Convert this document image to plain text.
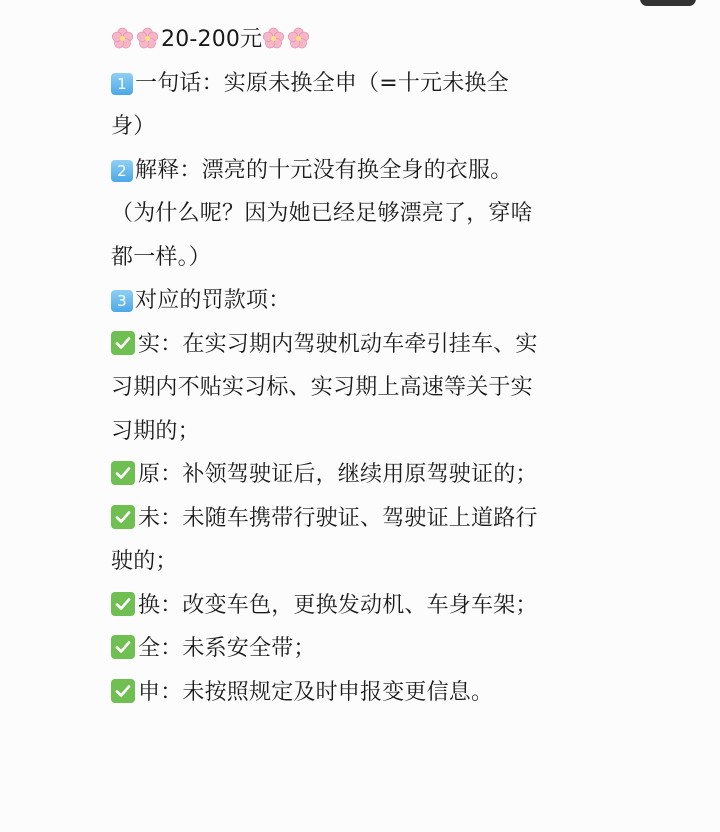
20-200元
1 一句话：实原未换全申（=十元未换全
身）
2 解释：漂亮的十元没有换全身的衣服。
（为什么呢？因为她已经足够漂亮了，穿啥
都一样。）
3 对应的罚款项：
实：在实习期内驾驶机动车牵引挂车、实
习期内不贴实习标、实习期上高速等关于实
习期的；
原：补领驾驶证后，继续用原驾驶证的；
未：未随车携带行驶证、驾驶证上道路行
驶的；
换：改变车色，更换发动机、车身车架；
全：未系安全带；
申：未按照规定及时申报变更信息。
